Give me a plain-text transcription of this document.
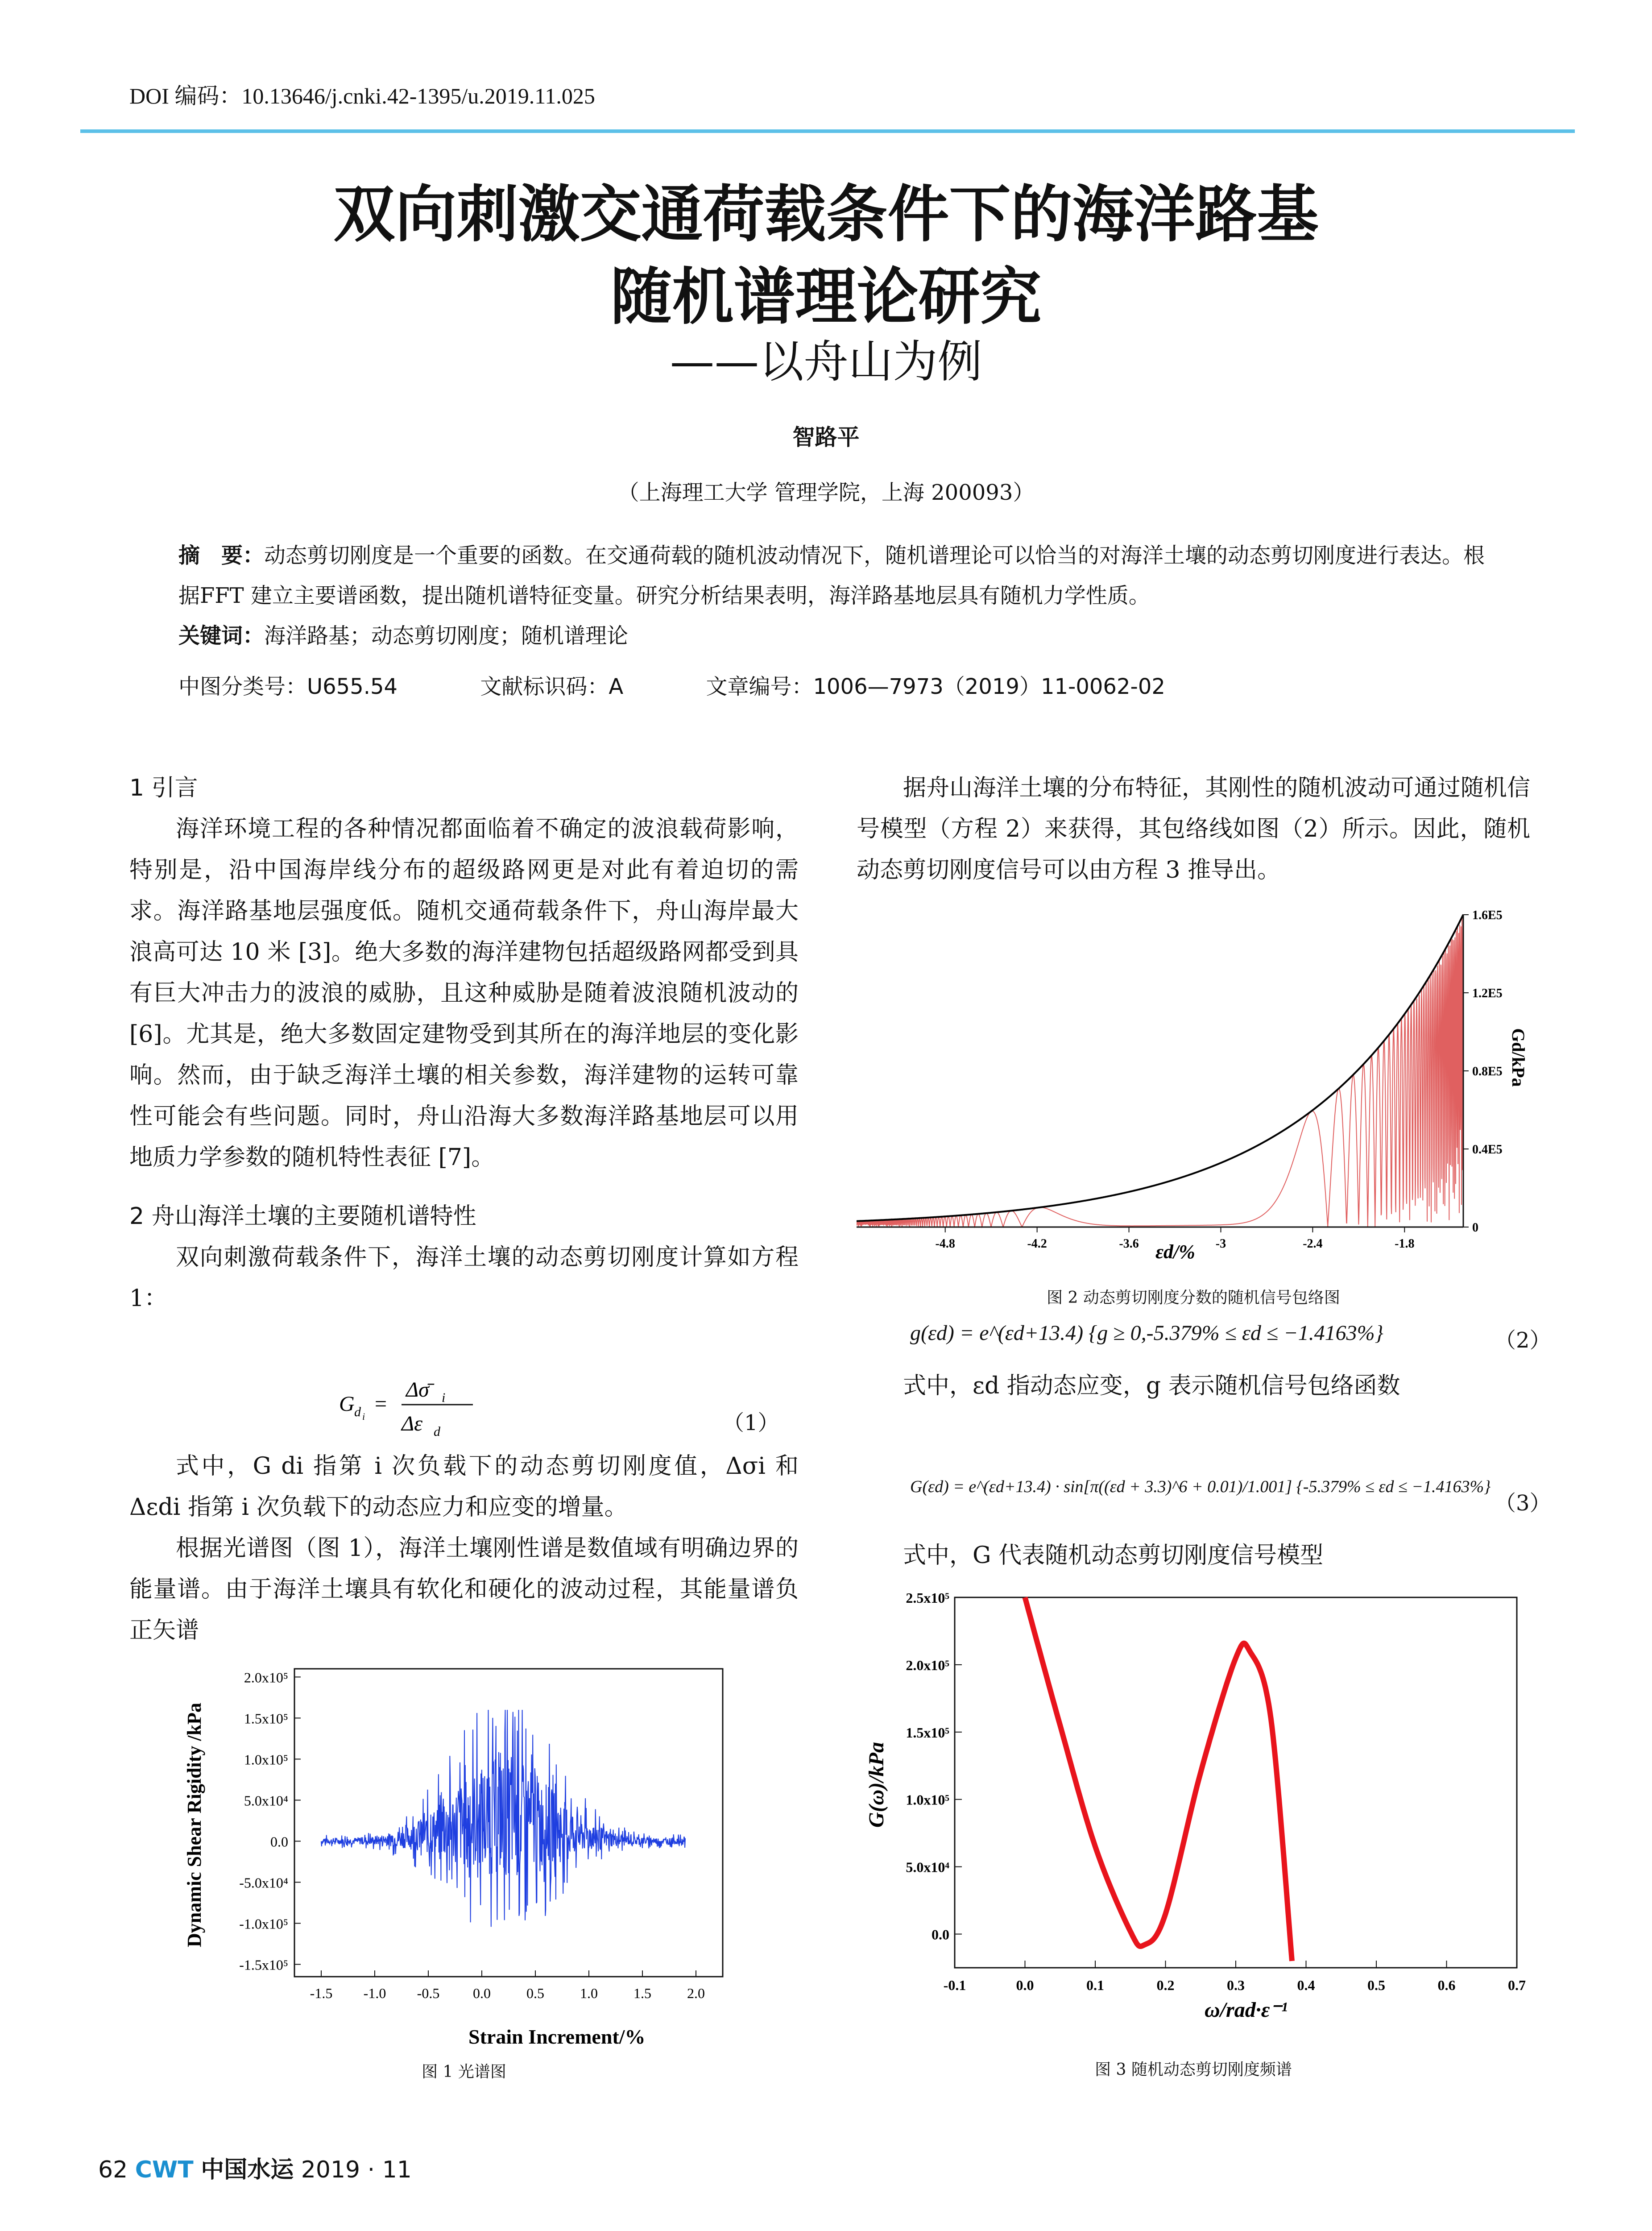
DOI 编码：10.13646/j.cnki.42-1395/u.2019.11.025
双向刺激交通荷载条件下的海洋路基
随机谱理论研究
——以舟山为例
智路平
（上海理工大学 管理学院，上海 200093）
摘　要：动态剪切刚度是一个重要的函数。在交通荷载的随机波动情况下，随机谱理论可以恰当的对海洋土壤的动态剪切刚度进行表达。根据FFT 建立主要谱函数，提出随机谱特征变量。研究分析结果表明，海洋路基地层具有随机力学性质。
关键词：海洋路基；动态剪切刚度；随机谱理论
中图分类号：U655.54	文献标识码：A	文章编号：1006—7973（2019）11-0062-02
1 引言

海洋环境工程的各种情况都面临着不确定的波浪载荷影响，特别是，沿中国海岸线分布的超级路网更是对此有着迫切的需求。海洋路基地层强度低。随机交通荷载条件下，舟山海岸最大浪高可达 10 米 [3]。绝大多数的海洋建物包括超级路网都受到具有巨大冲击力的波浪的威胁，且这种威胁是随着波浪随机波动的 [6]。尤其是，绝大多数固定建物受到其所在的海洋地层的变化影响。然而，由于缺乏海洋土壤的相关参数，海洋建物的运转可靠性可能会有些问题。同时，舟山沿海大多数海洋路基地层可以用地质力学参数的随机特性表征 [7]。

2 舟山海洋土壤的主要随机谱特性

双向刺激荷载条件下，海洋土壤的动态剪切刚度计算如方程 1：

G d i
=
Δσ̄ i
Δε d	（1）

式中，G di 指第 i 次负载下的动态剪切刚度值，Δσi 和 Δεdi 指第 i 次负载下的动态应力和应变的增量。

根据光谱图（图 1），海洋土壤刚性谱是数值域有明确边界的能量谱。由于海洋土壤具有软化和硬化的波动过程，其能量谱负正矢谱

2.0x10⁵
1.5x10⁵
1.0x10⁵
5.0x10⁴
0.0
-5.0x10⁴
-1.0x10⁵
-1.5x10⁵
-1.5 -1.0 -0.5 0.0	0.5	1.0	1.5	2.0
Strain Increment/%
Dynamic Shear Rigidity /kPa
图 1 光谱图

据舟山海洋土壤的分布特征，其刚性的随机波动可通过随机信号模型（方程 2）来获得，其包络线如图（2）所示。因此，随机动态剪切刚度信号可以由方程 3 推导出。

-4.8	-4.2	-3.6	-3	-2.4	-1.8
1.6E5
1.2E5
0.8E5
0.4E5
0
εd/%
Gd/kPa
图 2 动态剪切刚度分数的随机信号包络图
g(εd) = e^(εd+13.4) {g ≥ 0,-5.379% ≤ εd ≤ −1.4163%}	（2）

式中，εd 指动态应变，g 表示随机信号包络函数

G(εd) = e^(εd+13.4) · sin[π((εd + 3.3)^6 + 0.01)/1.001] {-5.379% ≤ εd ≤ −1.4163%}
（3）

式中，G 代表随机动态剪切刚度信号模型

-0.1	0.0	0.1	0.2	0.3	0.4	0.5	0.6	0.7
2.5x10⁵
2.0x10⁵
1.5x10⁵
1.0x10⁵
5.0x10⁴
0.0
ω/rad·ε⁻¹
G(ω)/kPa
图 3 随机动态剪切刚度频谱
62 CWT 中国水运 2019 · 11
